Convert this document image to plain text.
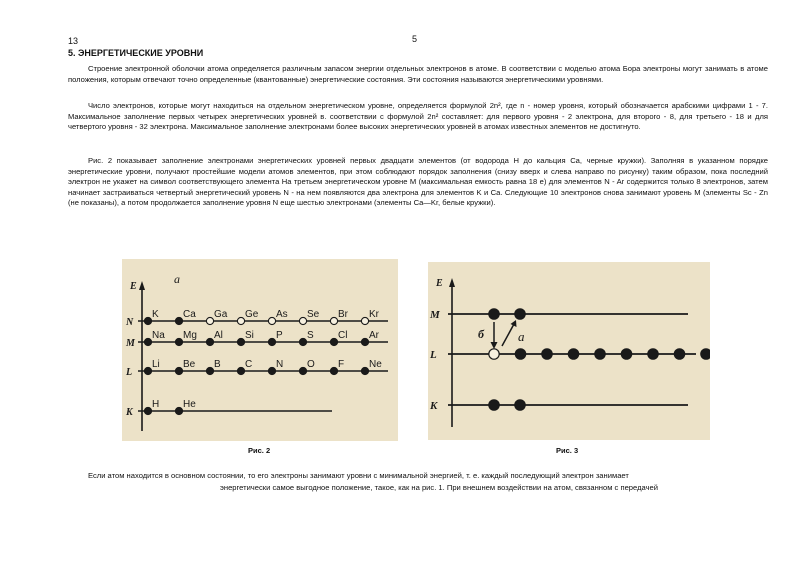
13	5
5. ЭНЕРГЕТИЧЕСКИЕ УРОВНИ

Строение электронной оболочки атома определяется различным запасом энергии отдельных электронов в атоме. В соответствии с моделью атома Бора электроны могут занимать в атоме положения, которым отвечают точно определенные (квантованные) энергетические состояния. Эти состояния называются энергетическими уровнями.

Число электронов, которые могут находиться на отдельном энергетическом уровне, определяется формулой 2n², где n - номер уровня, который обозначается арабскими цифрами 1 - 7. Максимальное заполнение первых четырех энергетических уровней в. соответствии с формулой 2n² составляет: для первого уровня - 2 электрона, для второго - 8, для третьего - 18 и для четвертого уровня - 32 электрона. Максимальное заполнение электронами более высоких энергетических уровней в атомах известных элементов не достигнуто.

Рис. 2 показывает заполнение электронами энергетических уровней первых двадцати элементов (от водорода H до кальция Ca, черные кружки). Заполняя в указанном порядке энергетические уровни, получают простейшие модели атомов элементов, при этом соблюдают порядок заполнения (снизу вверх и слева направо по рисунку) таким образом, пока последний электрон не укажет на символ соответствующего элемента На третьем энергетическом уровне M (максимальная емкость равна 18 е) для элементов N - Ar содержится только 8 электронов, затем начинает застраиваться четвертый энергетический уровень N - на нем появляются два электрона для элементов K и Ca. Следующие 10 электронов снова занимают уровень M (элементы Sc - Zn (не показаны), а потом продолжается заполнение уровня N еще шестью электронами (элементы Ca—Kr, белые кружки).

E
a
N
K Ca Ga Ge As Se Br Kr
M
Na Mg Al Si P S Cl Ar
L
Li Be B C N O F Ne
K
H He
E
M
L
K
б	a
Рис. 2	Рис. 3

Если атом находится в основном состоянии, то его электроны занимают уровни с минимальной энергией, т. е. каждый последующий электрон занимает
энергетически самое выгодное положение, такое, как на рис. 1. При внешнем воздействии на атом, связанном с передачей
